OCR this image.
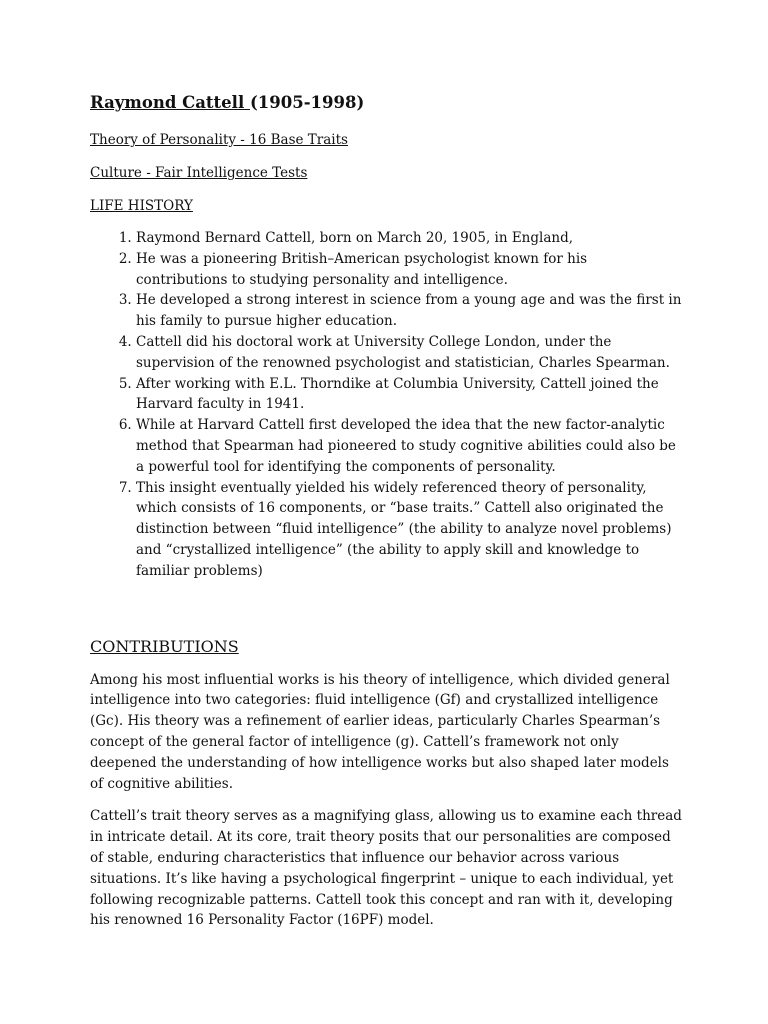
Raymond Cattell (1905-1998)
Theory of Personality - 16 Base Traits
Culture - Fair Intelligence Tests
LIFE HISTORY
1. Raymond Bernard Cattell, born on March 20, 1905, in England,
2. He was a pioneering British–American psychologist known for his contributions to studying personality and intelligence.
3. He developed a strong interest in science from a young age and was the first in his family to pursue higher education.
4. Cattell did his doctoral work at University College London, under the supervision of the renowned psychologist and statistician, Charles Spearman.
5. After working with E.L. Thorndike at Columbia University, Cattell joined the Harvard faculty in 1941.
6. While at Harvard Cattell first developed the idea that the new factor-analytic method that Spearman had pioneered to study cognitive abilities could also be a powerful tool for identifying the components of personality.
7. This insight eventually yielded his widely referenced theory of personality, which consists of 16 components, or “base traits.” Cattell also originated the distinction between “fluid intelligence” (the ability to analyze novel problems) and “crystallized intelligence” (the ability to apply skill and knowledge to familiar problems)
CONTRIBUTIONS

Among his most influential works is his theory of intelligence, which divided general intelligence into two categories: fluid intelligence (Gf) and crystallized intelligence (Gc). His theory was a refinement of earlier ideas, particularly Charles Spearman’s concept of the general factor of intelligence (g). Cattell’s framework not only deepened the understanding of how intelligence works but also shaped later models of cognitive abilities.

Cattell’s trait theory serves as a magnifying glass, allowing us to examine each thread in intricate detail. At its core, trait theory posits that our personalities are composed of stable, enduring characteristics that influence our behavior across various situations. It’s like having a psychological fingerprint – unique to each individual, yet following recognizable patterns. Cattell took this concept and ran with it, developing his renowned 16 Personality Factor (16PF) model.
